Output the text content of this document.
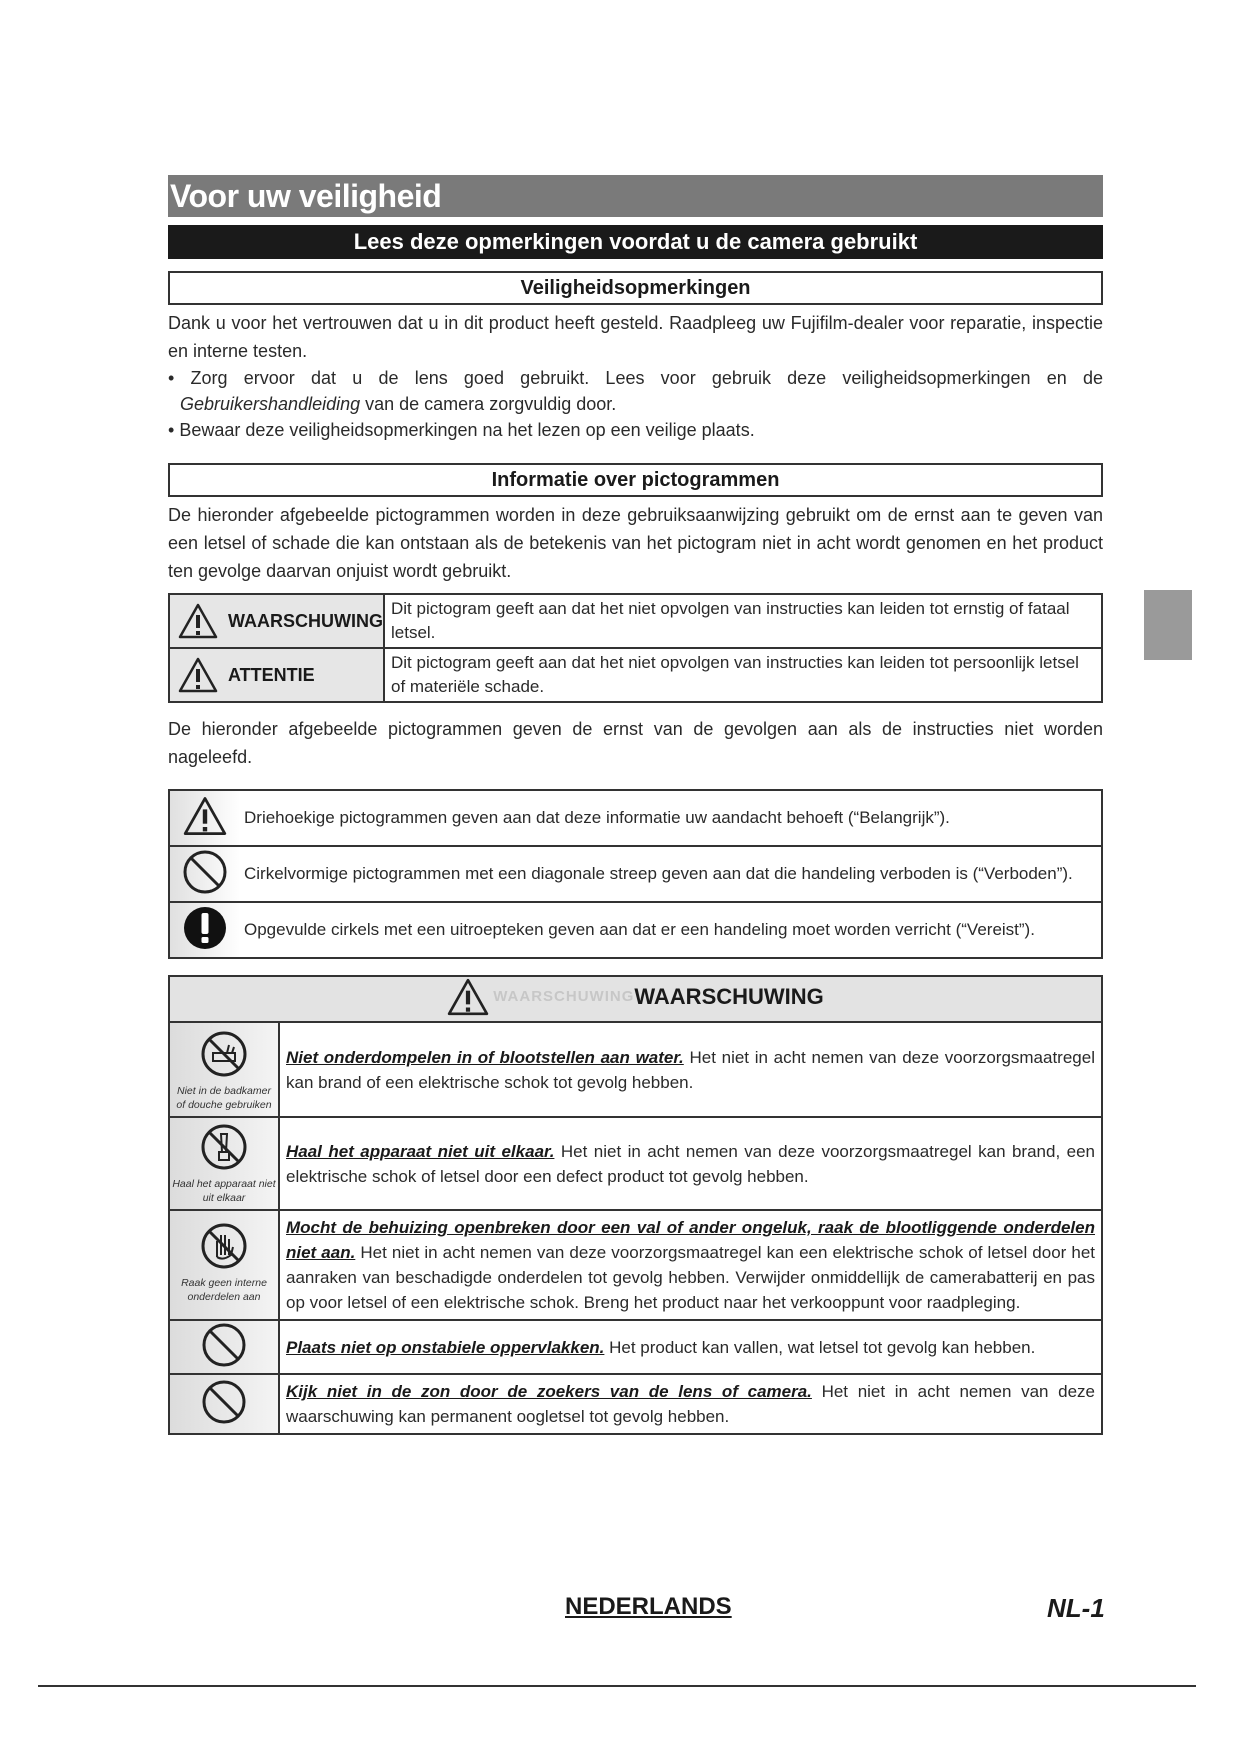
Voor uw veiligheid
Lees deze opmerkingen voordat u de camera gebruikt
Veiligheidsopmerkingen

Dank u voor het vertrouwen dat u in dit product heeft gesteld. Raadpleeg uw Fujifilm-dealer voor reparatie, inspectie en interne testen.

• Zorg ervoor dat u de lens goed gebruikt. Lees voor gebruik deze veiligheidsopmerkingen en de Gebruikershandleiding van de camera zorgvuldig door.
• Bewaar deze veiligheidsopmerkingen na het lezen op een veilige plaats.
Informatie over pictogrammen

De hieronder afgebeelde pictogrammen worden in deze gebruiksaanwijzing gebruikt om de ernst aan te geven van een letsel of schade die kan ontstaan als de betekenis van het pictogram niet in acht wordt genomen en het product ten gevolge daarvan onjuist wordt gebruikt.

WAARSCHUWING	Dit pictogram geeft aan dat het niet opvolgen van instructies kan leiden tot ernstig of fataal letsel.

ATTENTIE	Dit pictogram geeft aan dat het niet opvolgen van instructies kan leiden tot persoonlijk letsel of materiële schade.

De hieronder afgebeelde pictogrammen geven de ernst van de gevolgen aan als de instructies niet worden nageleefd.

	Driehoekige pictogrammen geven aan dat deze informatie uw aandacht behoeft (“Belangrijk”).
	Cirkelvormige pictogrammen met een diagonale streep geven aan dat die handeling verboden is (“Verboden”).
	Opgevulde cirkels met een uitroepteken geven aan dat er een handeling moet worden verricht (“Vereist”).
WAARSCHUWING WAARSCHUWING	

Niet in de badkamer of douche gebruiken	Niet onderdompelen in of blootstellen aan water. Het niet in acht nemen van deze voorzorgsmaatregel kan brand of een elektrische schok tot gevolg hebben.

Haal het apparaat niet uit elkaar	Haal het apparaat niet uit elkaar. Het niet in acht nemen van deze voorzorgsmaatregel kan brand, een elektrische schok of letsel door een defect product tot gevolg hebben.

Raak geen interne onderdelen aan	Mocht de behuizing openbreken door een val of ander ongeluk, raak de blootliggende onderdelen niet aan. Het niet in acht nemen van deze voorzorgsmaatregel kan een elektrische schok of letsel door het aanraken van beschadigde onderdelen tot gevolg hebben. Verwijder onmiddellijk de camerabatterij en pas op voor letsel of een elektrische schok. Breng het product naar het verkooppunt voor raadpleging.
	Plaats niet op onstabiele oppervlakken. Het product kan vallen, wat letsel tot gevolg kan hebben.
	Kijk niet in de zon door de zoekers van de lens of camera. Het niet in acht nemen van deze waarschuwing kan permanent oogletsel tot gevolg hebben.
NEDERLANDS	NL-1
